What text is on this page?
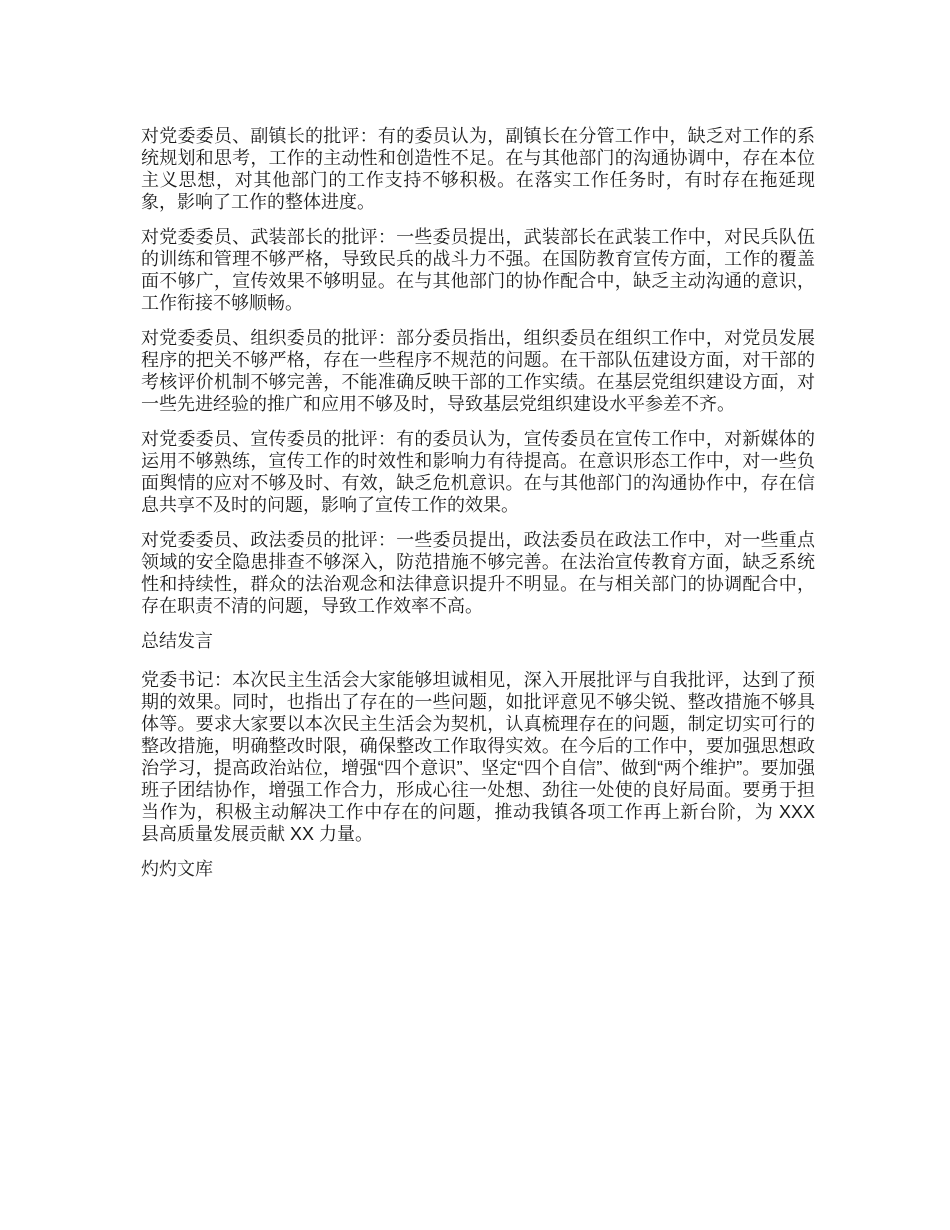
对党委委员、副镇长的批评：有的委员认为，副镇长在分管工作中，缺乏对工作的系统规划和思考，工作的主动性和创造性不足。在与其他部门的沟通协调中，存在本位主义思想，对其他部门的工作支持不够积极。在落实工作任务时，有时存在拖延现象，影响了工作的整体进度。

对党委委员、武装部长的批评：一些委员提出，武装部长在武装工作中，对民兵队伍的训练和管理不够严格，导致民兵的战斗力不强。在国防教育宣传方面，工作的覆盖面不够广，宣传效果不够明显。在与其他部门的协作配合中，缺乏主动沟通的意识，工作衔接不够顺畅。

对党委委员、组织委员的批评：部分委员指出，组织委员在组织工作中，对党员发展程序的把关不够严格，存在一些程序不规范的问题。在干部队伍建设方面，对干部的考核评价机制不够完善，不能准确反映干部的工作实绩。在基层党组织建设方面，对一些先进经验的推广和应用不够及时，导致基层党组织建设水平参差不齐。

对党委委员、宣传委员的批评：有的委员认为，宣传委员在宣传工作中，对新媒体的运用不够熟练，宣传工作的时效性和影响力有待提高。在意识形态工作中，对一些负面舆情的应对不够及时、有效，缺乏危机意识。在与其他部门的沟通协作中，存在信息共享不及时的问题，影响了宣传工作的效果。

对党委委员、政法委员的批评：一些委员提出，政法委员在政法工作中，对一些重点领域的安全隐患排查不够深入，防范措施不够完善。在法治宣传教育方面，缺乏系统性和持续性，群众的法治观念和法律意识提升不明显。在与相关部门的协调配合中，存在职责不清的问题，导致工作效率不高。

总结发言

党委书记：本次民主生活会大家能够坦诚相见，深入开展批评与自我批评，达到了预期的效果。同时，也指出了存在的一些问题，如批评意见不够尖锐、整改措施不够具体等。要求大家要以本次民主生活会为契机，认真梳理存在的问题，制定切实可行的整改措施，明确整改时限，确保整改工作取得实效。在今后的工作中，要加强思想政治学习，提高政治站位，增强“四个意识”、坚定“四个自信”、做到“两个维护”。要加强班子团结协作，增强工作合力，形成心往一处想、劲往一处使的良好局面。要勇于担当作为，积极主动解决工作中存在的问题，推动我镇各项工作再上新台阶，为 XXX 县高质量发展贡献 XX 力量。

灼灼文库
